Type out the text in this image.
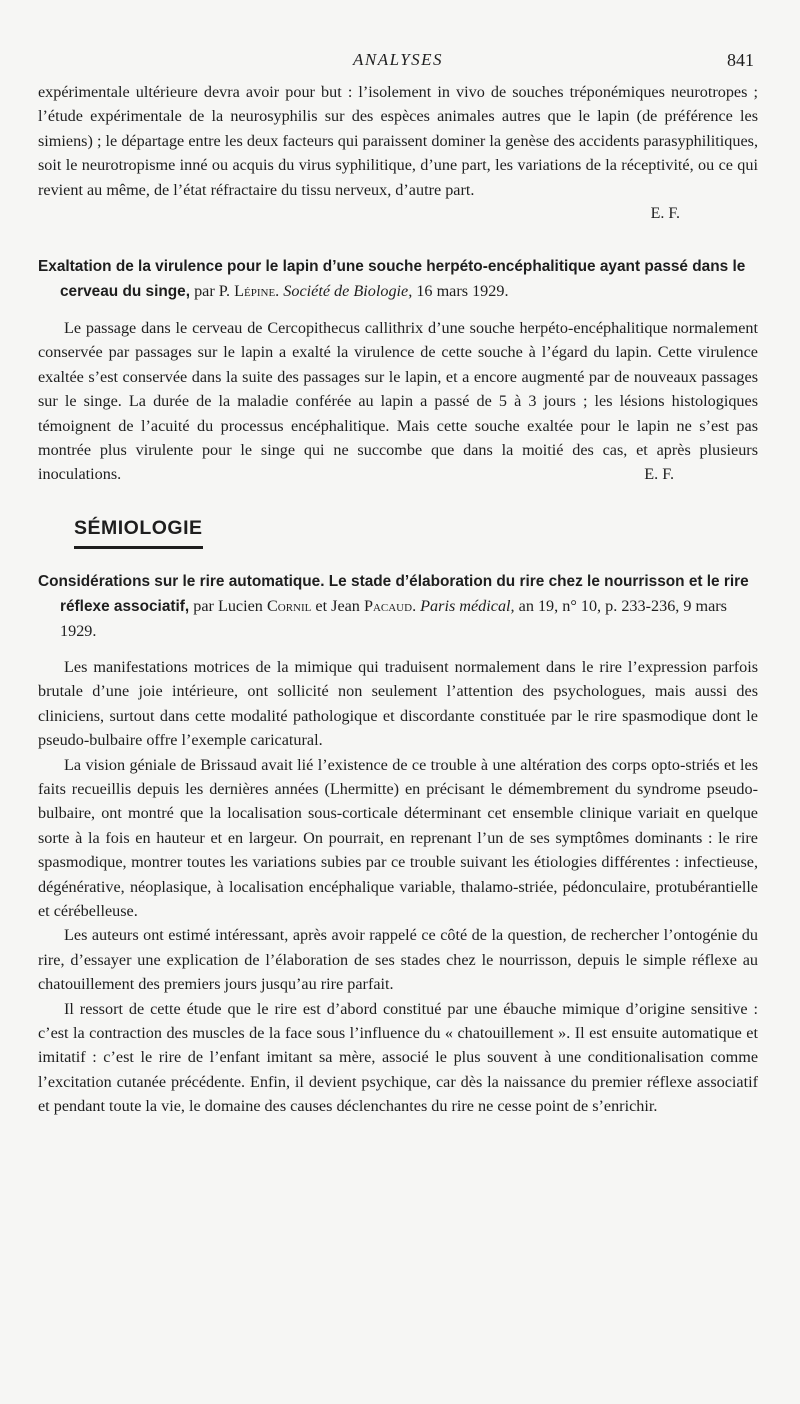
ANALYSES	841

expérimentale ultérieure devra avoir pour but : l’isolement in vivo de souches tréponémiques neurotropes ; l’étude expérimentale de la neurosyphilis sur des espèces animales autres que le lapin (de préférence les simiens) ; le départage entre les deux facteurs qui paraissent dominer la genèse des accidents parasyphilitiques, soit le neurotropisme inné ou acquis du virus syphilitique, d’une part, les variations de la réceptivité, ou ce qui revient au même, de l’état réfractaire du tissu nerveux, d’autre part.

E. F.

Exaltation de la virulence pour le lapin d’une souche herpéto-encéphalitique ayant passé dans le cerveau du singe, par P. Lépine. Société de Biologie, 16 mars 1929.

Le passage dans le cerveau de Cercopithecus callithrix d’une souche herpéto-encéphalitique normalement conservée par passages sur le lapin a exalté la virulence de cette souche à l’égard du lapin. Cette virulence exaltée s’est conservée dans la suite des passages sur le lapin, et a encore augmenté par de nouveaux passages sur le singe. La durée de la maladie conférée au lapin a passé de 5 à 3 jours ; les lésions histologiques témoignent de l’acuité du processus encéphalitique. Mais cette souche exaltée pour le lapin ne s’est pas montrée plus virulente pour le singe qui ne succombe que dans la moitié des cas, et après plusieurs inoculations.	E. F.

SÉMIOLOGIE

Considérations sur le rire automatique. Le stade d’élaboration du rire chez le nourrisson et le rire réflexe associatif, par Lucien Cornil et Jean Pacaud. Paris médical, an 19, n° 10, p. 233-236, 9 mars 1929.

Les manifestations motrices de la mimique qui traduisent normalement dans le rire l’expression parfois brutale d’une joie intérieure, ont sollicité non seulement l’attention des psychologues, mais aussi des cliniciens, surtout dans cette modalité pathologique et discordante constituée par le rire spasmodique dont le pseudo-bulbaire offre l’exemple caricatural.

La vision géniale de Brissaud avait lié l’existence de ce trouble à une altération des corps opto-striés et les faits recueillis depuis les dernières années (Lhermitte) en précisant le démembrement du syndrome pseudo-bulbaire, ont montré que la localisation sous-corticale déterminant cet ensemble clinique variait en quelque sorte à la fois en hauteur et en largeur. On pourrait, en reprenant l’un de ses symptômes dominants : le rire spasmodique, montrer toutes les variations subies par ce trouble suivant les étiologies différentes : infectieuse, dégénérative, néoplasique, à localisation encéphalique variable, thalamo-striée, pédonculaire, protubérantielle et cérébelleuse.

Les auteurs ont estimé intéressant, après avoir rappelé ce côté de la question, de rechercher l’ontogénie du rire, d’essayer une explication de l’élaboration de ses stades chez le nourrisson, depuis le simple réflexe au chatouillement des premiers jours jusqu’au rire parfait.

Il ressort de cette étude que le rire est d’abord constitué par une ébauche mimique d’origine sensitive : c’est la contraction des muscles de la face sous l’influence du « chatouillement ». Il est ensuite automatique et imitatif : c’est le rire de l’enfant imitant sa mère, associé le plus souvent à une conditionalisation comme l’excitation cutanée précédente. Enfin, il devient psychique, car dès la naissance du premier réflexe associatif et pendant toute la vie, le domaine des causes déclenchantes du rire ne cesse point de s’enrichir.
